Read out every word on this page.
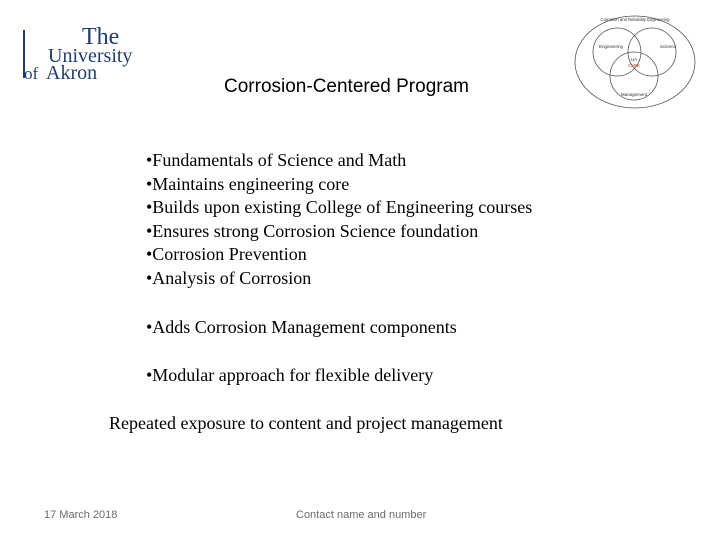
The
University
of Akron
Corrosion and Reliability Engineering
Engineering	Science
Management
UA
CoRE
Corrosion-Centered Program
•Fundamentals of Science and Math
•Maintains engineering core
•Builds upon existing College of Engineering courses
•Ensures strong Corrosion Science foundation
•Corrosion Prevention
•Analysis of Corrosion
•Adds Corrosion Management components
•Modular approach for flexible delivery
Repeated exposure to content and project management
17 March 2018	Contact name and number
